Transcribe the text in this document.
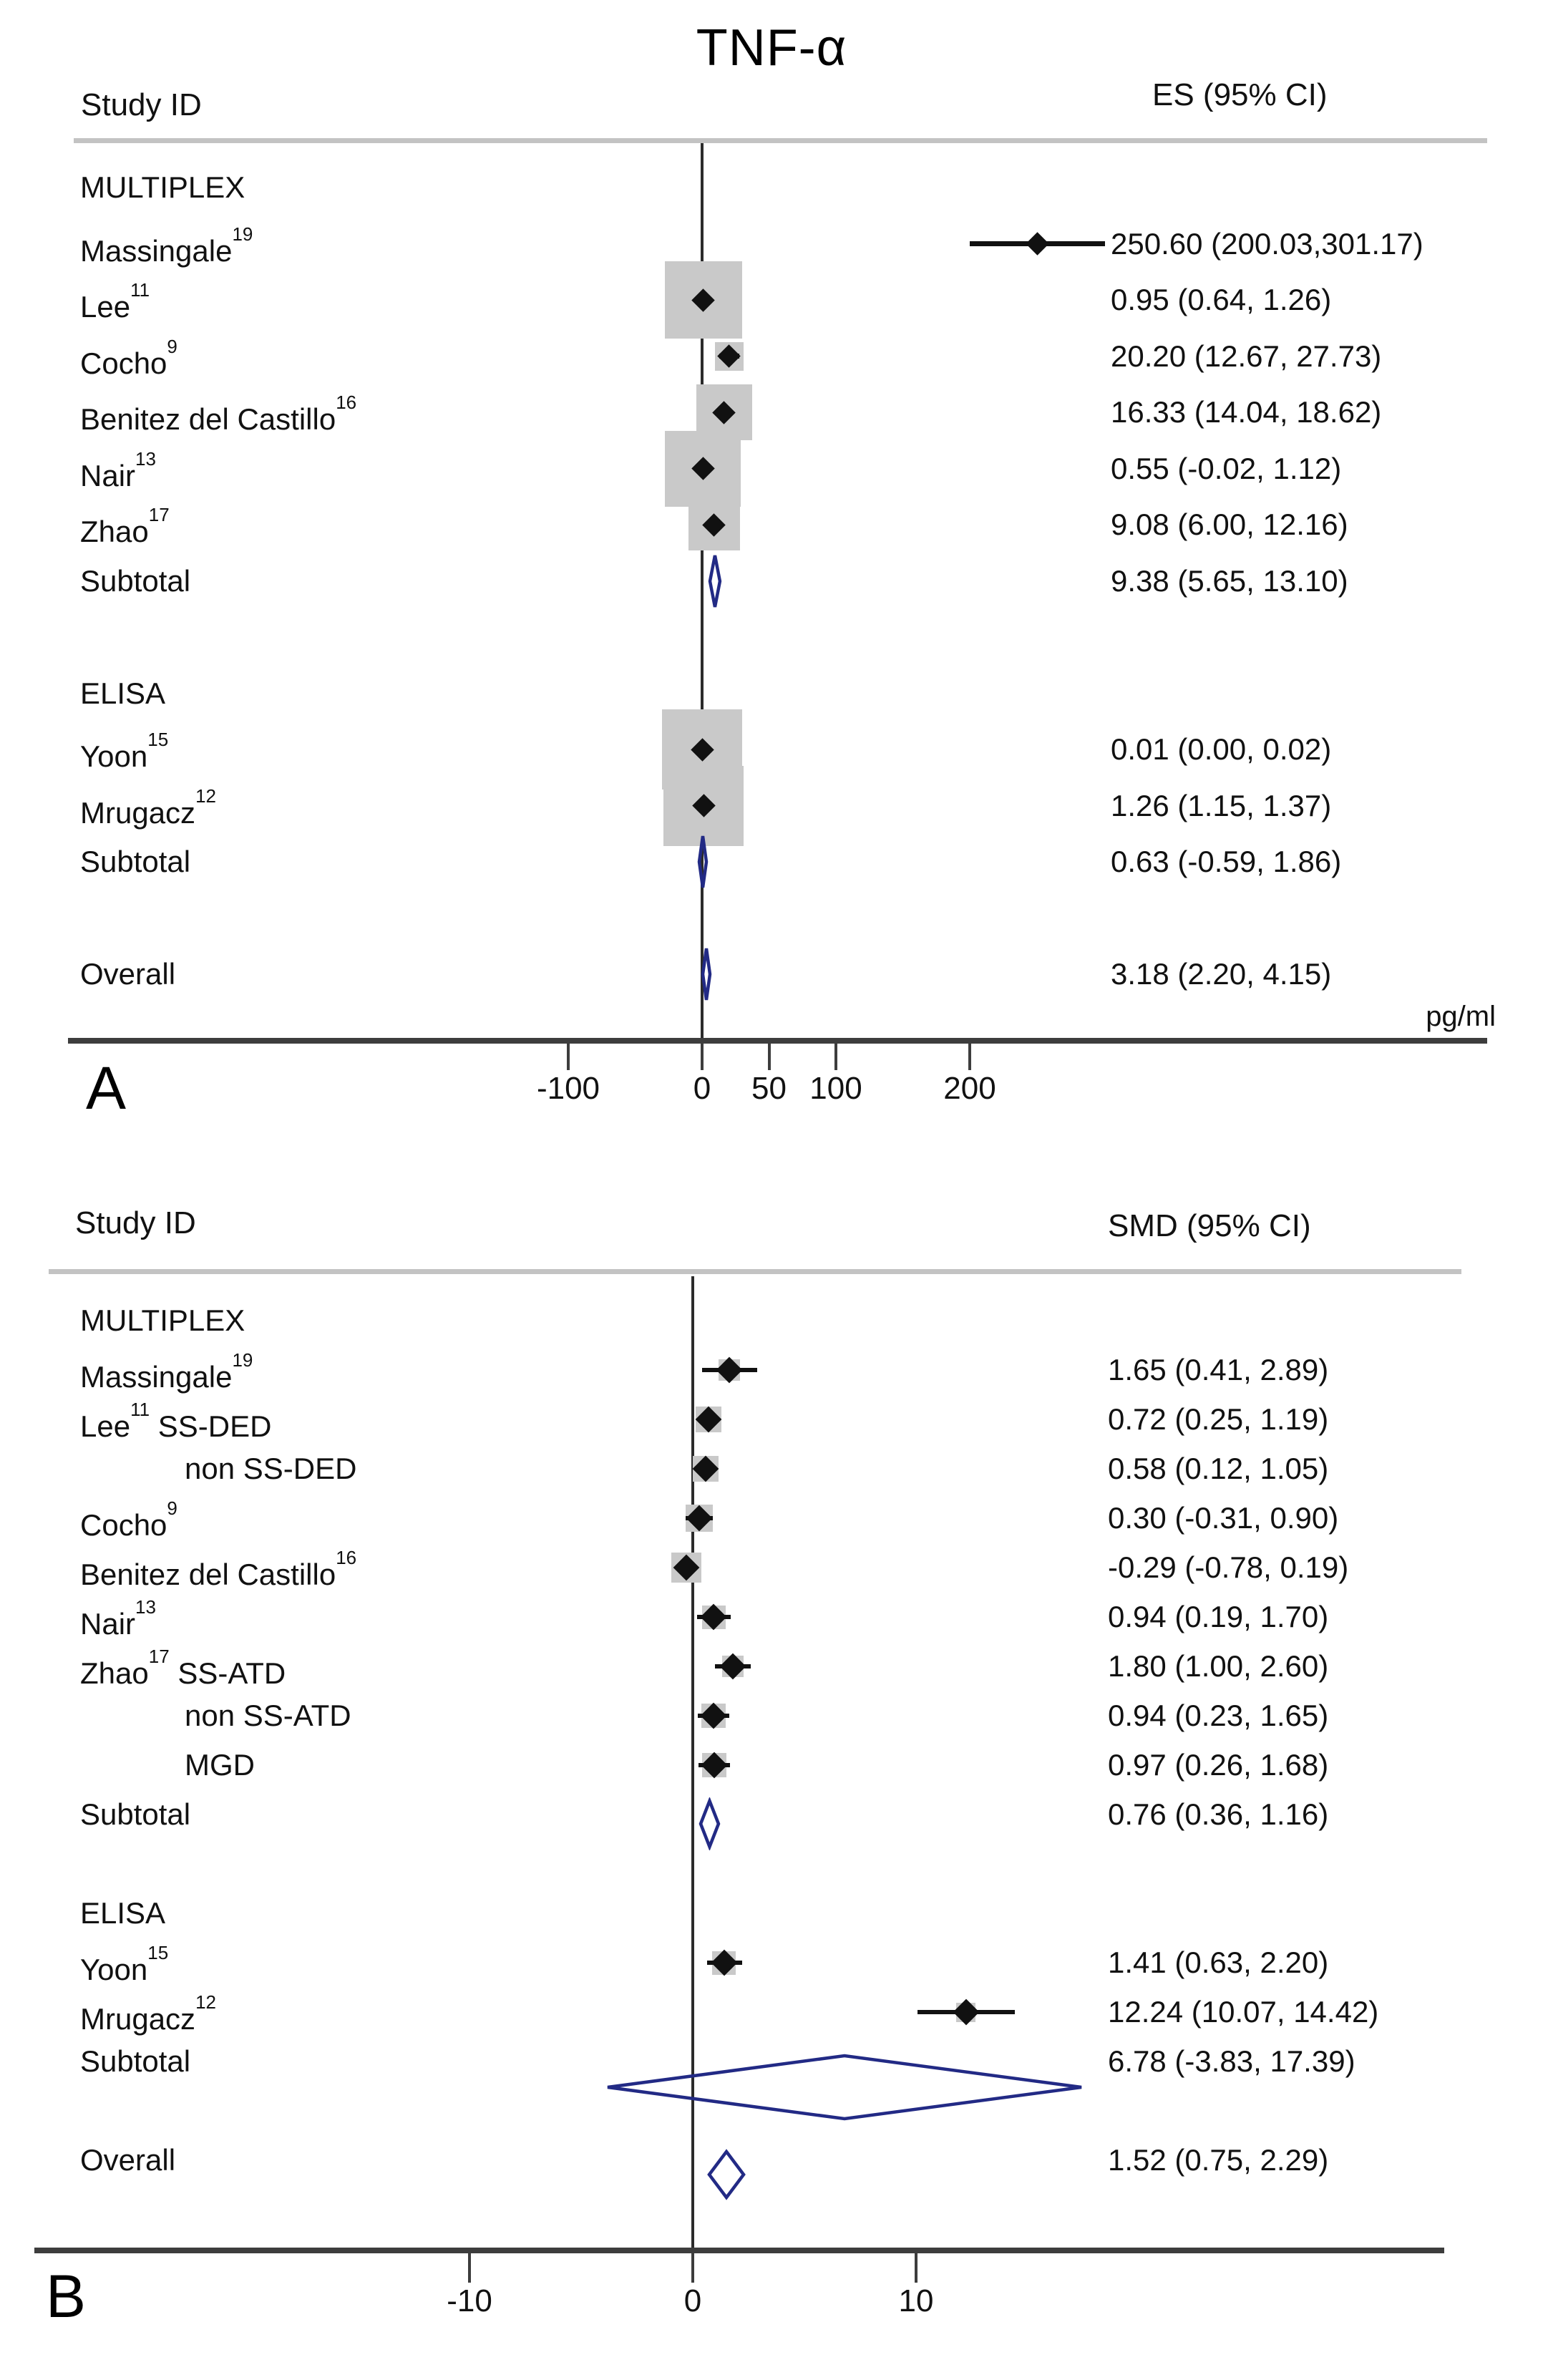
TNF-α
Study ID	ES (95% CI)
pg/ml
A
Study ID	SMD (95% CI)
B
-100	0	50 100	200
MULTIPLEX
Massingale$^{19}$	250.60 (200.03,301.17)
Lee$^{11}$	0.95 (0.64, 1.26)
Cocho$^9$	20.20 (12.67, 27.73)
Benitez del Castillo$^{16}$	16.33 (14.04, 18.62)
Nair$^{13}$	0.55 (-0.02, 1.12)
Zhao$^{17}$	9.08 (6.00, 12.16)
Subtotal	9.38 (5.65, 13.10)
ELISA
Yoon$^{15}$	0.01 (0.00, 0.02)
Mrugacz$^{12}$	1.26 (1.15, 1.37)
Subtotal	0.63 (-0.59, 1.86)
Overall	3.18 (2.20, 4.15)
-10	0	10
MULTIPLEX
Massingale$^{19}$	1.65 (0.41, 2.89)
Lee$^{11}$ SS-DED	0.72 (0.25, 1.19)
non SS-DED	0.58 (0.12, 1.05)
Cocho$^9$	0.30 (-0.31, 0.90)
Benitez del Castillo$^{16}$	-0.29 (-0.78, 0.19)
Nair$^{13}$	0.94 (0.19, 1.70)
Zhao$^{17}$ SS-ATD	1.80 (1.00, 2.60)
non SS-ATD	0.94 (0.23, 1.65)
MGD	0.97 (0.26, 1.68)
Subtotal	0.76 (0.36, 1.16)
ELISA
Yoon$^{15}$	1.41 (0.63, 2.20)
Mrugacz$^{12}$	12.24 (10.07, 14.42)
Subtotal	6.78 (-3.83, 17.39)
Overall	1.52 (0.75, 2.29)
